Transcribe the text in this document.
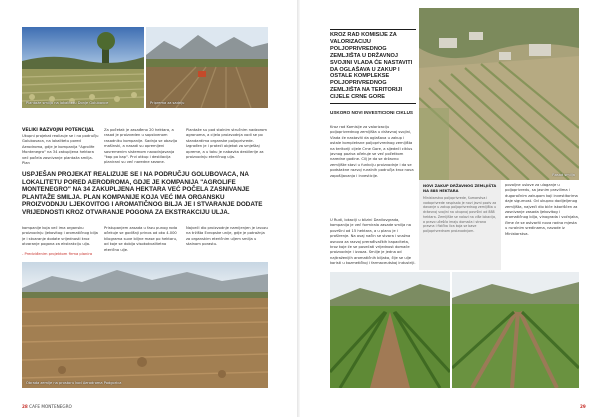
Plantaže smilja na lokalitetu Donje Golubovce	Priprema za sadnju
VELIKI RAZVOJNI POTENCIJAL
Ukupni projekat realizuje se i na području Golubovaca, na lokalitetu pored Aerodroma, gdje je kompanija "Agrolife Montenegro" na 34 zakupljena hektara već počela zasnivanje plantaža smilja. Plan
Za početak je zasađeno 20 hektara, a rasad je proizveden u sopstvenom rasadniku kompanije. Sadnja se obavlja mašinski, a nasadi su opremljeni savremenim sistemom navodnjavanja "kap po kap". Prvi otkup i destilacija planirani su već naredne sezone.
Plantaže su pod stalnim stručnim nadzorom agronoma, a cijela proizvodnja vodi se po standardima organske poljoprivrede. Izgrađen je i prateći objekat za smještaj opreme, a u toku je nabavka destilerije za proizvodnju eteričnog ulja.
USPJEŠAN PROJEKAT REALIZUJE SE I NA PODRUČJU GOLUBOVACA, NA LOKALITETU PORED AERODROMA, GDJE JE KOMPANIJA "AGROLIFE MONTENEGRO" NA 34 ZAKUPLJENA HEKTARA VEĆ POČELA ZASNIVANJE PLANTAŽE SMILJA. PLAN KOMPANIJE KOJA VEĆ IMA ORGANSKU PROIZVODNJU LJEKOVITOG I AROMATIČNOG BILJA JE I STVARANJE DODATE VRIJEDNOSTI KROZ OTVARANJE POGONA ZA EKSTRAKCIJU ULJA.
kompanije koja već ima organsku proizvodnju ljekovitog i aromatičnog bilja je i stvaranje dodate vrijednosti kroz otvaranje pogona za ekstrakciju ulja.
- Predviđenim projektom firma planira
Pristupanjem zasada u fazu punog roda očekuje se godišnji prinos od oko 4.000 kilograma suve biljne mase po hektaru, od koje se dobija visokokvalitetno eterično ulje.
Najveći dio proizvodnje namijenjen je izvozu na tržišta Evropske unije, gdje je potražnja za organskim eteričnim uljem smilja u stalnom porastu.
Obrada zemlje na prostoru kod Aerodroma Podgorica
28 CAFE MONTENEGRO
KROZ RAD KOMISIJE ZA VALORIZACIJU POLJOPRIVREDNOG ZEMLJIŠTA U DRŽAVNOJ SVOJINI VLADA ĆE NASTAVITI DA OGLAŠAVA U ZAKUP I OSTALE KOMPLEKSE POLJOPRIVREDNOG ZEMLJIŠTA NA TERITORIJI CIJELE CRNE GORE
USKORO NOVI INVESTICIONI CIKLUS
Kroz rad Komisije za valorizaciju poljoprivrednog zemljišta u državnoj svojini, Vlada će nastaviti da oglašava u zakup i ostale kompleksne poljoprivrednog zemljišta na teritoriji cijele Crne Gore, a sljedeći ciklus javnog poziva očekuje se već početkom naredne godine. Cilj je da se državno zemljište stavi u funkciju proizvodnje i da se podstakne razvoj ruralnih područja kroz nova zapošljavanja i investicije.
U Rudi, lokaciji u blizini Danilovgrada, kompanija je već formirala zasade smilja na površini od 15 hektara, a u planu je i proširenje. Na ovaj način se stvara i snažna osnova za razvoj prerađivačkih kapaciteta, kroz koje će se povećati vrijednost domaće proizvodnje i izvoza. Smilje je jedna od najtraženijih aromatičnih biljaka, čije se ulje koristi u kozmetičkoj i farmaceutskoj industriji.
Rasad smilja
NOVI ZAKUP DRŽAVNOG ZEMLJIŠTA NA 888 HEKTARA
Ministarstvo poljoprivrede, šumarstva i vodoprivrede raspisalo je novi javni poziv za davanje u zakup poljoprivrednog zemljišta u državnoj svojini na ukupnoj površini od 888 hektara. Zemljište se nalazi na više lokacija, a pravo učešća imaju domaća i strana pravna i fizička lica koja se bave poljoprivrednom proizvodnjom.
povoljne uslove za ulaganje u poljoprivredu, sa jasnim pravilima i dugoročnim zakupom koji investitorima daje sigurnost. Od ukupno dodijeljenog zemljišta, najveći dio biće iskorišćen za zasnivanje zasada ljekovitog i aromatičnog bilja, vinograda i voćnjaka, čime će se ostvariti nova radna mjesta u ruralnim sredinama, navode iz Ministarstva.
29
